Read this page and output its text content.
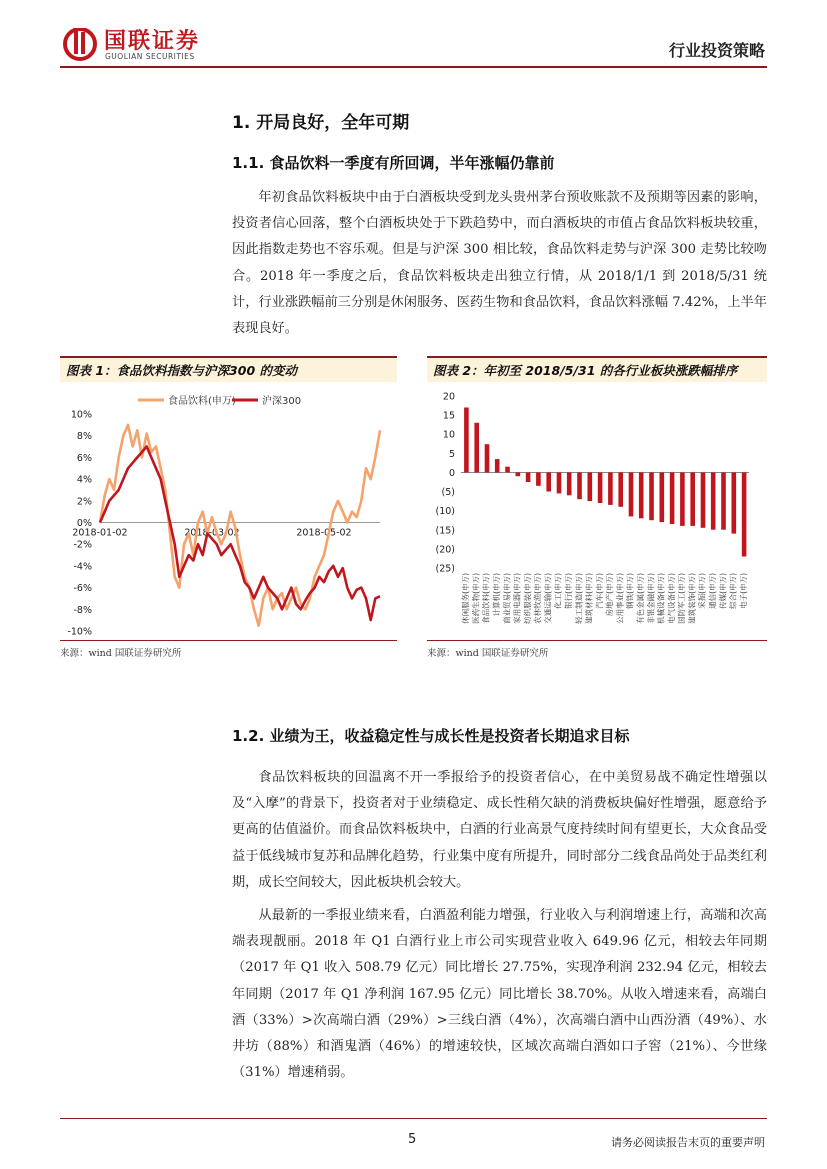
国联证券
GUOLIAN SECURITIES	行业投资策略
1. 开局良好，全年可期
1.1. 食品饮料一季度有所回调，半年涨幅仍靠前

年初食品饮料板块中由于白酒板块受到龙头贵州茅台预收账款不及预期等因素的影响，投资者信心回落，整个白酒板块处于下跌趋势中，而白酒板块的市值占食品饮料板块较重，因此指数走势也不容乐观。但是与沪深 300 相比较，食品饮料走势与沪深 300 走势比较吻合。2018 年一季度之后，食品饮料板块走出独立行情，从 2018/1/1 到 2018/5/31 统计，行业涨跌幅前三分别是休闲服务、医药生物和食品饮料，食品饮料涨幅 7.42%，上半年表现良好。

图表 1：食品饮料指数与沪深300 的变动
食品饮料(申万)	沪深300
10%
8%
6%
4%
2%
0%
-2%
-4%
-6%
-8%
-10%
2018-01-02	2018-03-02	2018-05-02
来源：wind 国联证券研究所
图表 2：年初至 2018/5/31 的各行业板块涨跌幅排序
20
15
10
5
0
(5)
(10)
(15)
(20)
(25)
休闲服务(申万) 医药生物(申万) 食品饮料(申万) 计算机(申万) 商业贸易(申万) 家用电器(申万) 纺织服装(申万) 农林牧渔(申万) 交通运输(申万) 化工(申万) 银行(申万) 轻工制造(申万) 建筑材料(申万) 汽车(申万) 房地产(申万) 公用事业(申万) 钢铁(申万) 有色金属(申万) 非银金融(申万) 机械设备(申万) 电气设备(申万) 国防军工(申万) 建筑装饰(申万) 采掘(申万) 通信(申万) 传媒(申万) 综合(申万) 电子(申万)
来源：wind 国联证券研究所
1.2. 业绩为王，收益稳定性与成长性是投资者长期追求目标

食品饮料板块的回温离不开一季报给予的投资者信心，在中美贸易战不确定性增强以及“入摩”的背景下，投资者对于业绩稳定、成长性稍欠缺的消费板块偏好性增强，愿意给予更高的估值溢价。而食品饮料板块中，白酒的行业高景气度持续时间有望更长，大众食品受益于低线城市复苏和品牌化趋势，行业集中度有所提升，同时部分二线食品尚处于品类红利期，成长空间较大，因此板块机会较大。

从最新的一季报业绩来看，白酒盈利能力增强，行业收入与利润增速上行，高端和次高端表现靓丽。2018 年 Q1 白酒行业上市公司实现营业收入 649.96 亿元，相较去年同期（2017 年 Q1 收入 508.79 亿元）同比增长 27.75%，实现净利润 232.94 亿元，相较去年同期（2017 年 Q1 净利润 167.95 亿元）同比增长 38.70%。从收入增速来看，高端白酒（33%）>次高端白酒（29%）>三线白酒（4%），次高端白酒中山西汾酒（49%）、水井坊（88%）和酒鬼酒（46%）的增速较快，区域次高端白酒如口子窖（21%）、今世缘（31%）增速稍弱。

5	请务必阅读报告末页的重要声明
